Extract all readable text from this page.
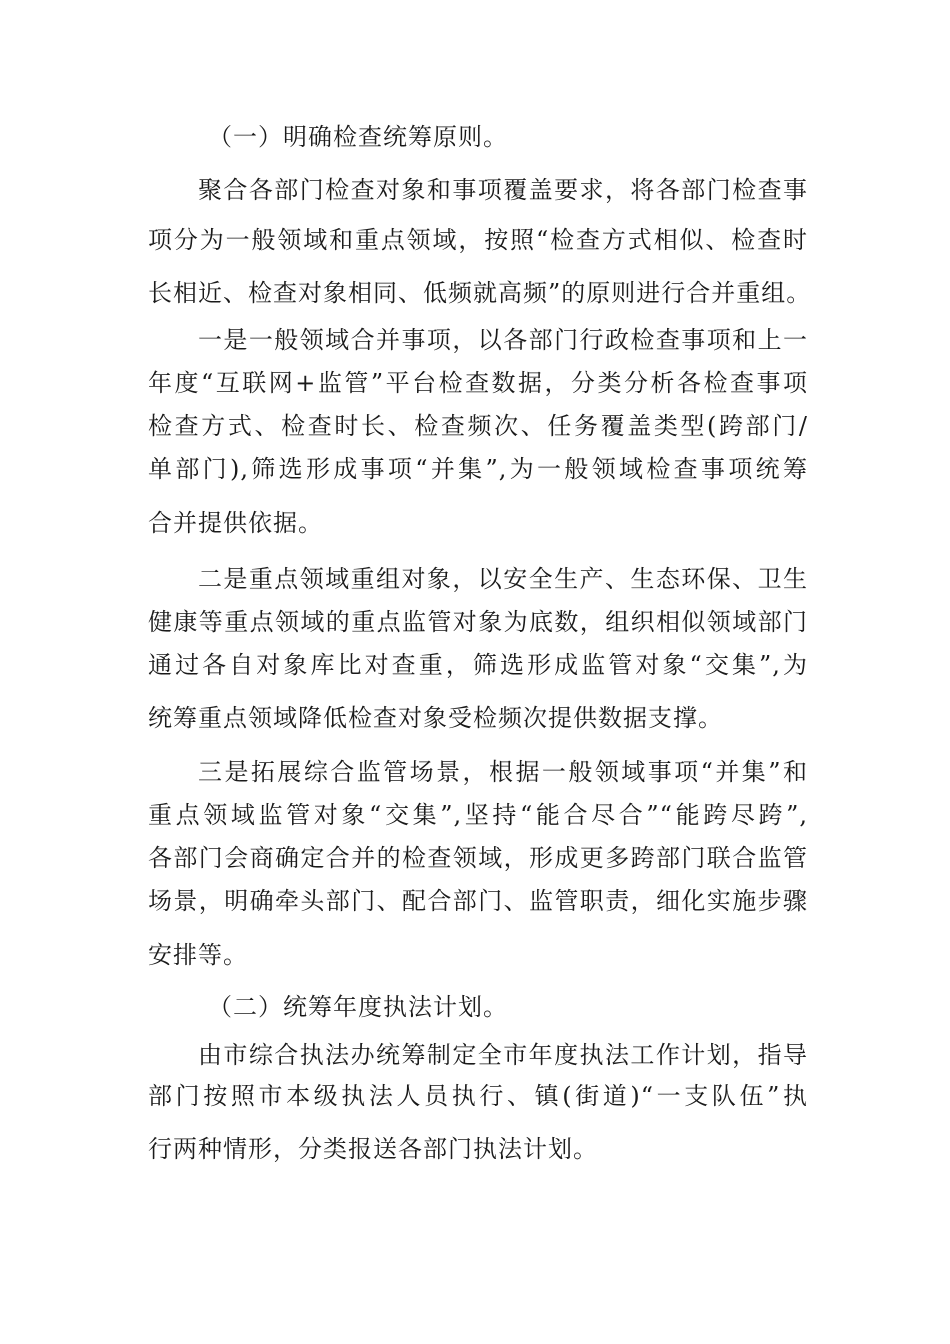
（一）明确检查统筹原则。
聚合各部门检查对象和事项覆盖要求，将各部门检查事
项分为一般领域和重点领域，按照“检查方式相似、检查时
长相近、检查对象相同、低频就高频”的原则进行合并重组。
一是一般领域合并事项，以各部门行政检查事项和上一
年度“互联网+监管”平台检查数据，分类分析各检查事项
检查方式、检查时长、检查频次、任务覆盖类型(跨部门/
单部门),筛选形成事项“并集”,为一般领域检查事项统筹
合并提供依据。
二是重点领域重组对象，以安全生产、生态环保、卫生
健康等重点领域的重点监管对象为底数，组织相似领域部门
通过各自对象库比对查重，筛选形成监管对象“交集”,为
统筹重点领域降低检查对象受检频次提供数据支撑。
三是拓展综合监管场景，根据一般领域事项“并集”和
重点领域监管对象“交集”,坚持“能合尽合”“能跨尽跨”,
各部门会商确定合并的检查领域，形成更多跨部门联合监管
场景，明确牵头部门、配合部门、监管职责，细化实施步骤
安排等。
（二）统筹年度执法计划。
由市综合执法办统筹制定全市年度执法工作计划，指导
部门按照市本级执法人员执行、镇(街道)“一支队伍”执
行两种情形，分类报送各部门执法计划。
